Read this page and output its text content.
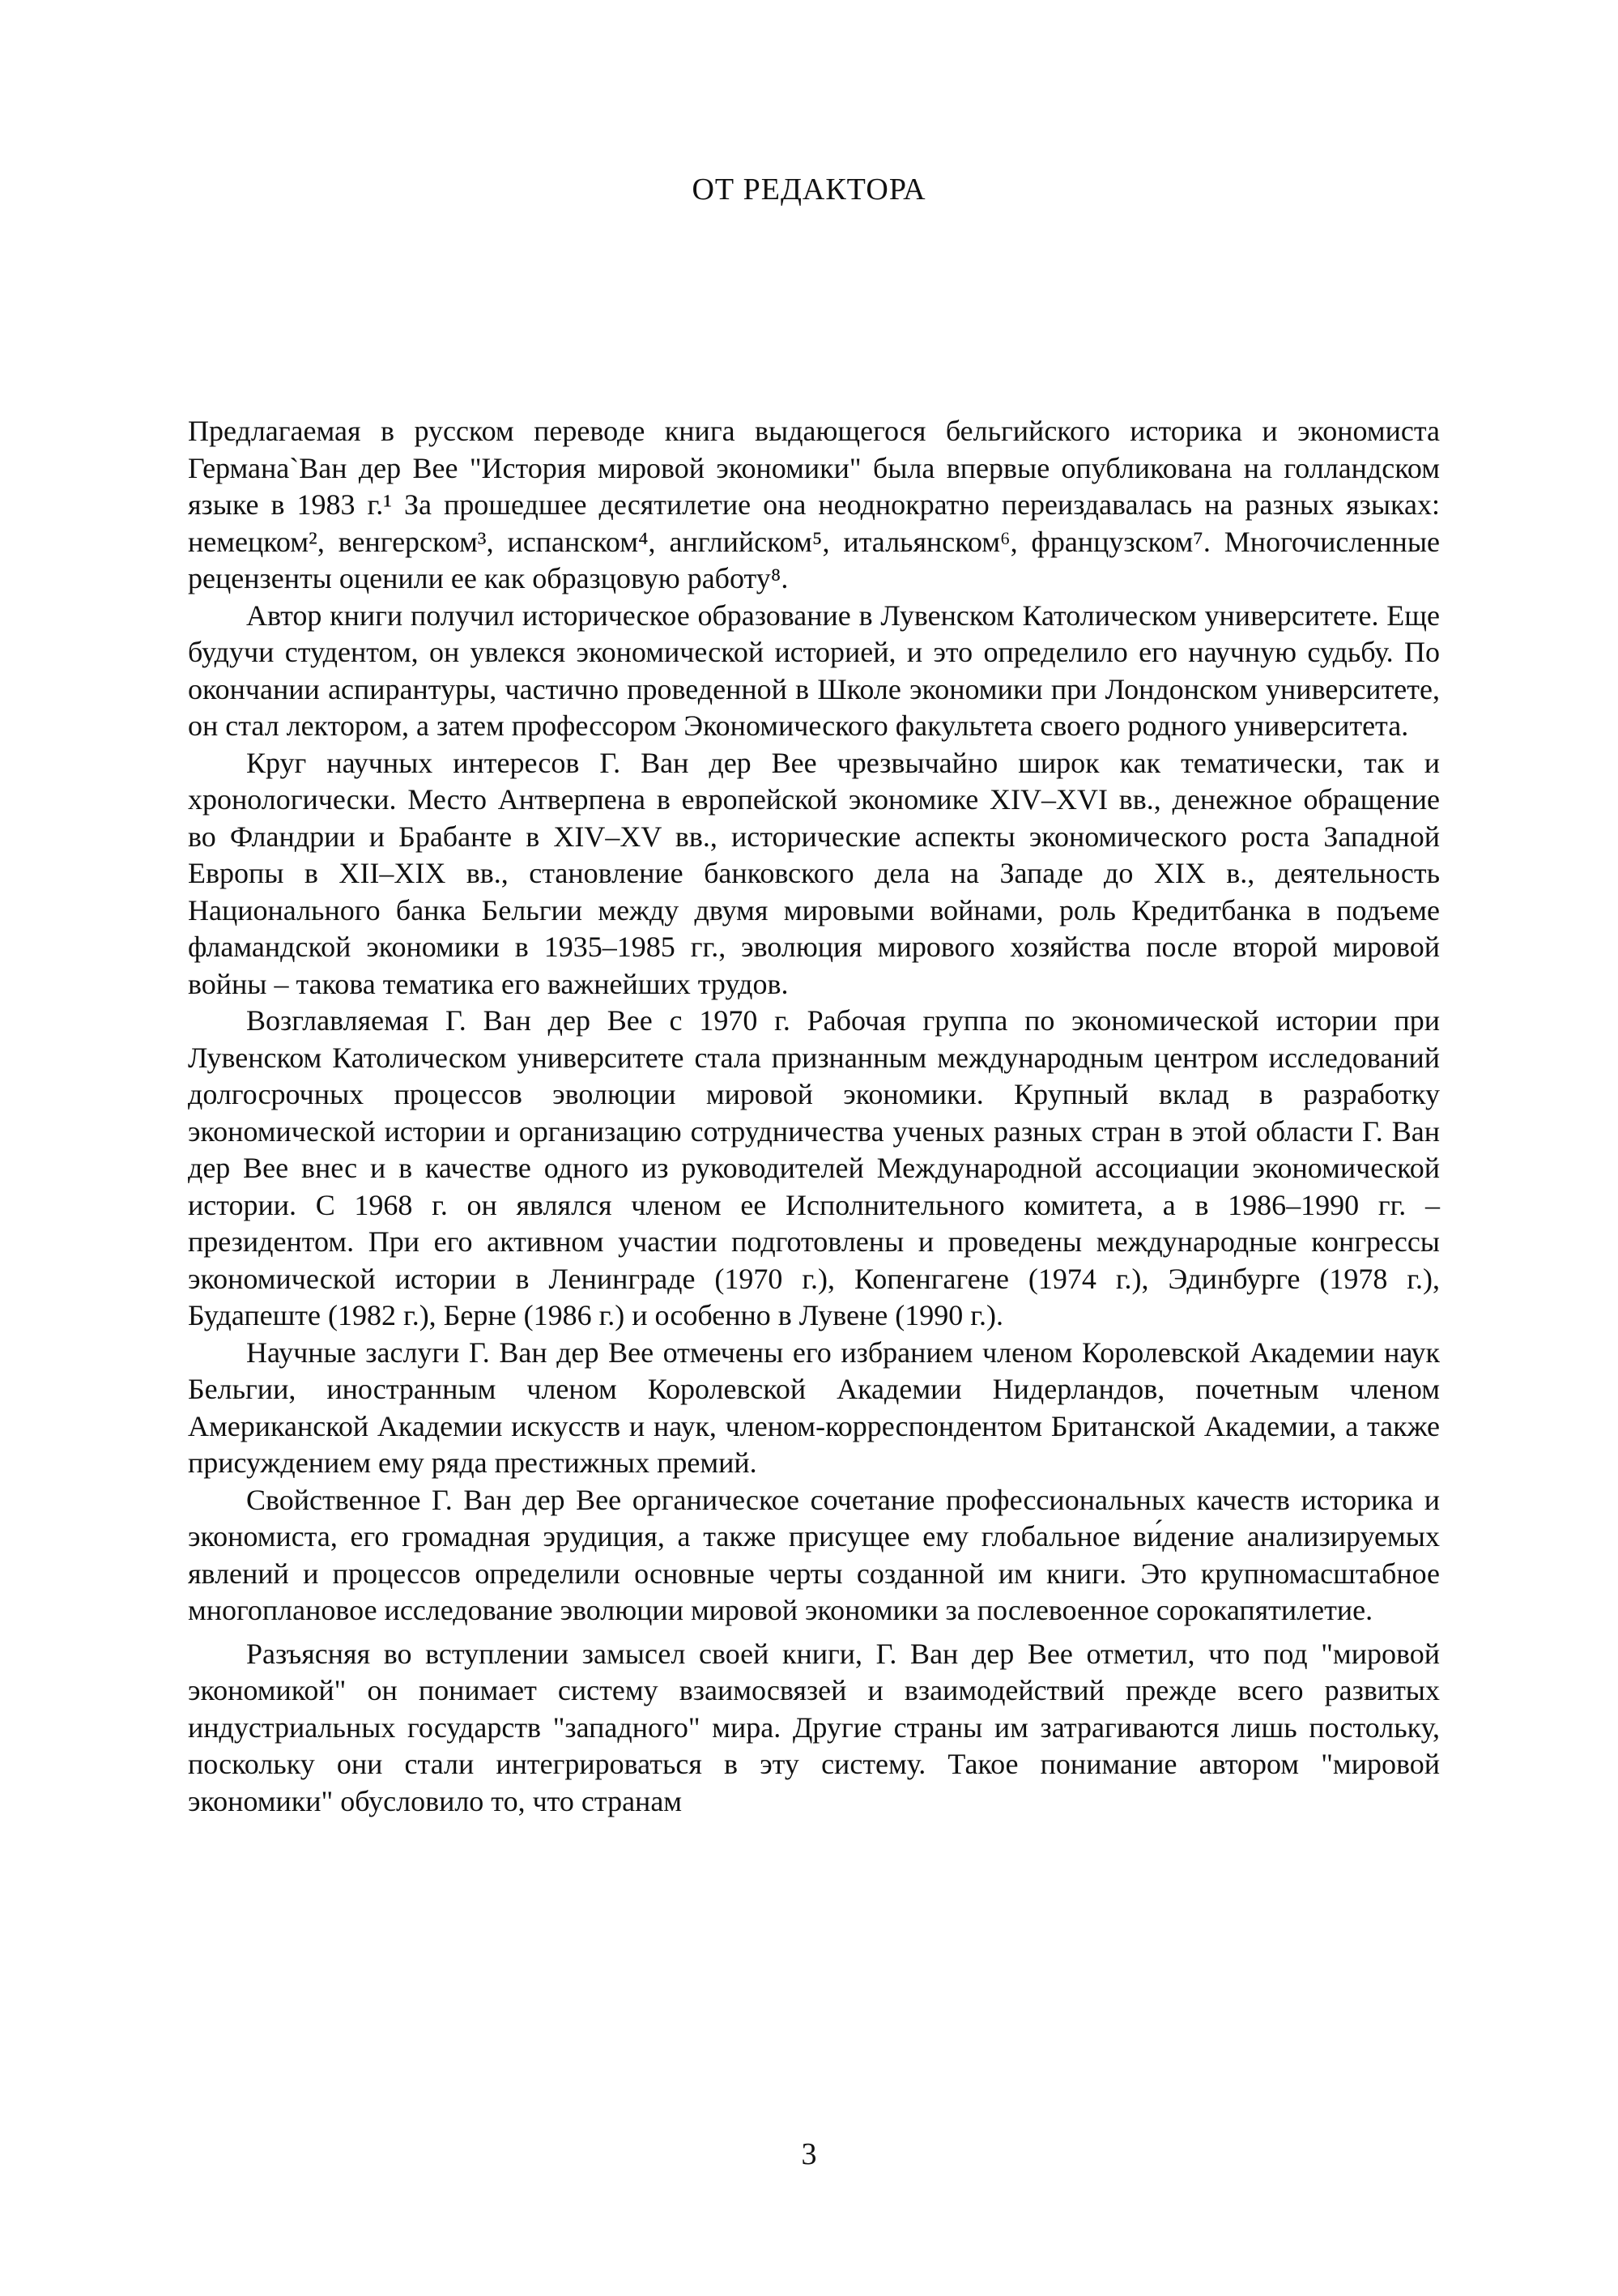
ОТ РЕДАКТОРА

Предлагаемая в русском переводе книга выдающегося бельгийского историка и экономиста Германа`Ван дер Вее "История мировой экономики" была впервые опубликована на голландском языке в 1983 г.¹ За прошедшее десятилетие она неоднократно переиздавалась на разных языках: немецком², венгерском³, испанском⁴, английском⁵, итальянском⁶, французском⁷. Многочисленные рецензенты оценили ее как образцовую работу⁸.

Автор книги получил историческое образование в Лувенском Католическом университете. Еще будучи студентом, он увлекся экономической историей, и это определило его научную судьбу. По окончании аспирантуры, частично проведенной в Школе экономики при Лондонском университете, он стал лектором, а затем профессором Экономического факультета своего родного университета.

Круг научных интересов Г. Ван дер Вее чрезвычайно широк как тематически, так и хронологически. Место Антверпена в европейской экономике XIV–XVI вв., денежное обращение во Фландрии и Брабанте в XIV–XV вв., исторические аспекты экономического роста Западной Европы в XII–XIX вв., становление банковского дела на Западе до XIX в., деятельность Национального банка Бельгии между двумя мировыми войнами, роль Кредитбанка в подъеме фламандской экономики в 1935–1985 гг., эволюция мирового хозяйства после второй мировой войны – такова тематика его важнейших трудов.

Возглавляемая Г. Ван дер Вее с 1970 г. Рабочая группа по экономической истории при Лувенском Католическом университете стала признанным международным центром исследований долгосрочных процессов эволюции мировой экономики. Крупный вклад в разработку экономической истории и организацию сотрудничества ученых разных стран в этой области Г. Ван дер Вее внес и в качестве одного из руководителей Международной ассоциации экономической истории. С 1968 г. он являлся членом ее Исполнительного комитета, а в 1986–1990 гг. – президентом. При его активном участии подготовлены и проведены международные конгрессы экономической истории в Ленинграде (1970 г.), Копенгагене (1974 г.), Эдинбурге (1978 г.), Будапеште (1982 г.), Берне (1986 г.) и особенно в Лувене (1990 г.).

Научные заслуги Г. Ван дер Вее отмечены его избранием членом Королевской Академии наук Бельгии, иностранным членом Королевской Академии Нидерландов, почетным членом Американской Академии искусств и наук, членом-корреспондентом Британской Академии, а также присуждением ему ряда престижных премий.

Свойственное Г. Ван дер Вее органическое сочетание профессиональных качеств историка и экономиста, его громадная эрудиция, а также присущее ему глобальное ви́дение анализируемых явлений и процессов определили основные черты созданной им книги. Это крупномасштабное многоплановое исследование эволюции мировой экономики за послевоенное сорокапятилетие.

Разъясняя во вступлении замысел своей книги, Г. Ван дер Вее отметил, что под "мировой экономикой" он понимает систему взаимосвязей и взаимодействий прежде всего развитых индустриальных государств "западного" мира. Другие страны им затрагиваются лишь постольку, поскольку они стали интегрироваться в эту систему. Такое понимание автором "мировой экономики" обусловило то, что странам

3
